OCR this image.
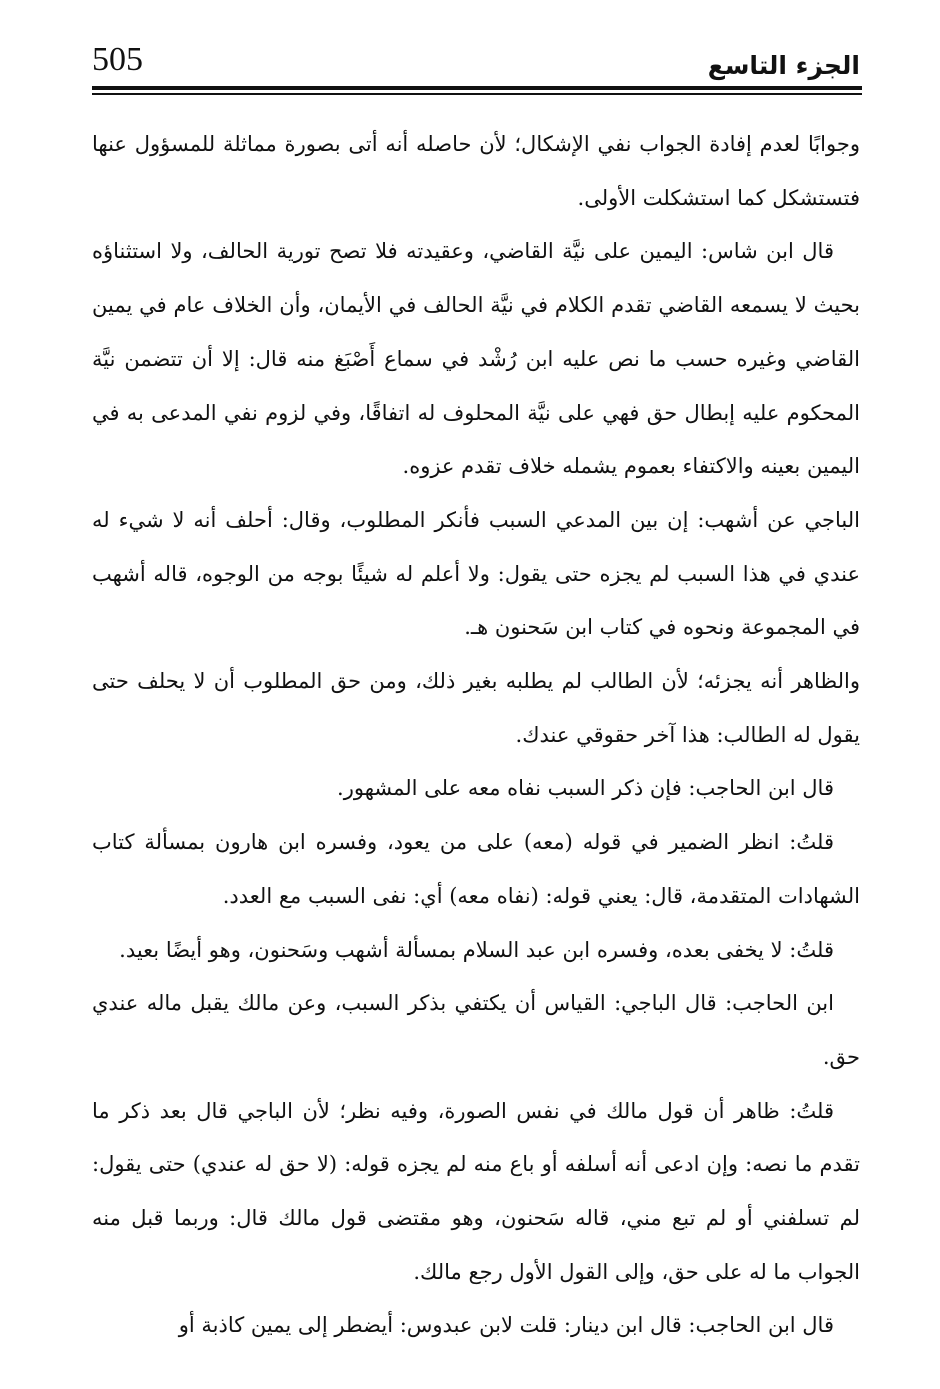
505	الجزء التاسع

وجوابًا لعدم إفادة الجواب نفي الإشكال؛ لأن حاصله أنه أتى بصورة مماثلة للمسؤول عنها فتستشكل كما استشكلت الأولى.

قال ابن شاس: اليمين على نيَّة القاضي، وعقيدته فلا تصح تورية الحالف، ولا استثناؤه بحيث لا يسمعه القاضي تقدم الكلام في نيَّة الحالف في الأيمان، وأن الخلاف عام في يمين القاضي وغيره حسب ما نص عليه ابن رُشْد في سماع أَصْبَغ منه قال: إلا أن تتضمن نيَّة المحكوم عليه إبطال حق فهي على نيَّة المحلوف له اتفاقًا، وفي لزوم نفي المدعى به في اليمين بعينه والاكتفاء بعموم يشمله خلاف تقدم عزوه.

الباجي عن أشهب: إن بين المدعي السبب فأنكر المطلوب، وقال: أحلف أنه لا شيء له عندي في هذا السبب لم يجزه حتى يقول: ولا أعلم له شيئًا بوجه من الوجوه، قاله أشهب في المجموعة ونحوه في كتاب ابن سَحنون هـ.

والظاهر أنه يجزئه؛ لأن الطالب لم يطلبه بغير ذلك، ومن حق المطلوب أن لا يحلف حتى يقول له الطالب: هذا آخر حقوقي عندك.

قال ابن الحاجب: فإن ذكر السبب نفاه معه على المشهور.

قلتُ: انظر الضمير في قوله (معه) على من يعود، وفسره ابن هارون بمسألة كتاب الشهادات المتقدمة، قال: يعني قوله: (نفاه معه) أي: نفى السبب مع العدد.

قلتُ: لا يخفى بعده، وفسره ابن عبد السلام بمسألة أشهب وسَحنون، وهو أيضًا بعيد.

ابن الحاجب: قال الباجي: القياس أن يكتفي بذكر السبب، وعن مالك يقبل ماله عندي حق.

قلتُ: ظاهر أن قول مالك في نفس الصورة، وفيه نظر؛ لأن الباجي قال بعد ذكر ما تقدم ما نصه: وإن ادعى أنه أسلفه أو باع منه لم يجزه قوله: (لا حق له عندي) حتى يقول: لم تسلفني أو لم تبع مني، قاله سَحنون، وهو مقتضى قول مالك قال: وربما قبل منه الجواب ما له على حق، وإلى القول الأول رجع مالك.

قال ابن الحاجب: قال ابن دينار: قلت لابن عبدوس: أيضطر إلى يمين كاذبة أو
